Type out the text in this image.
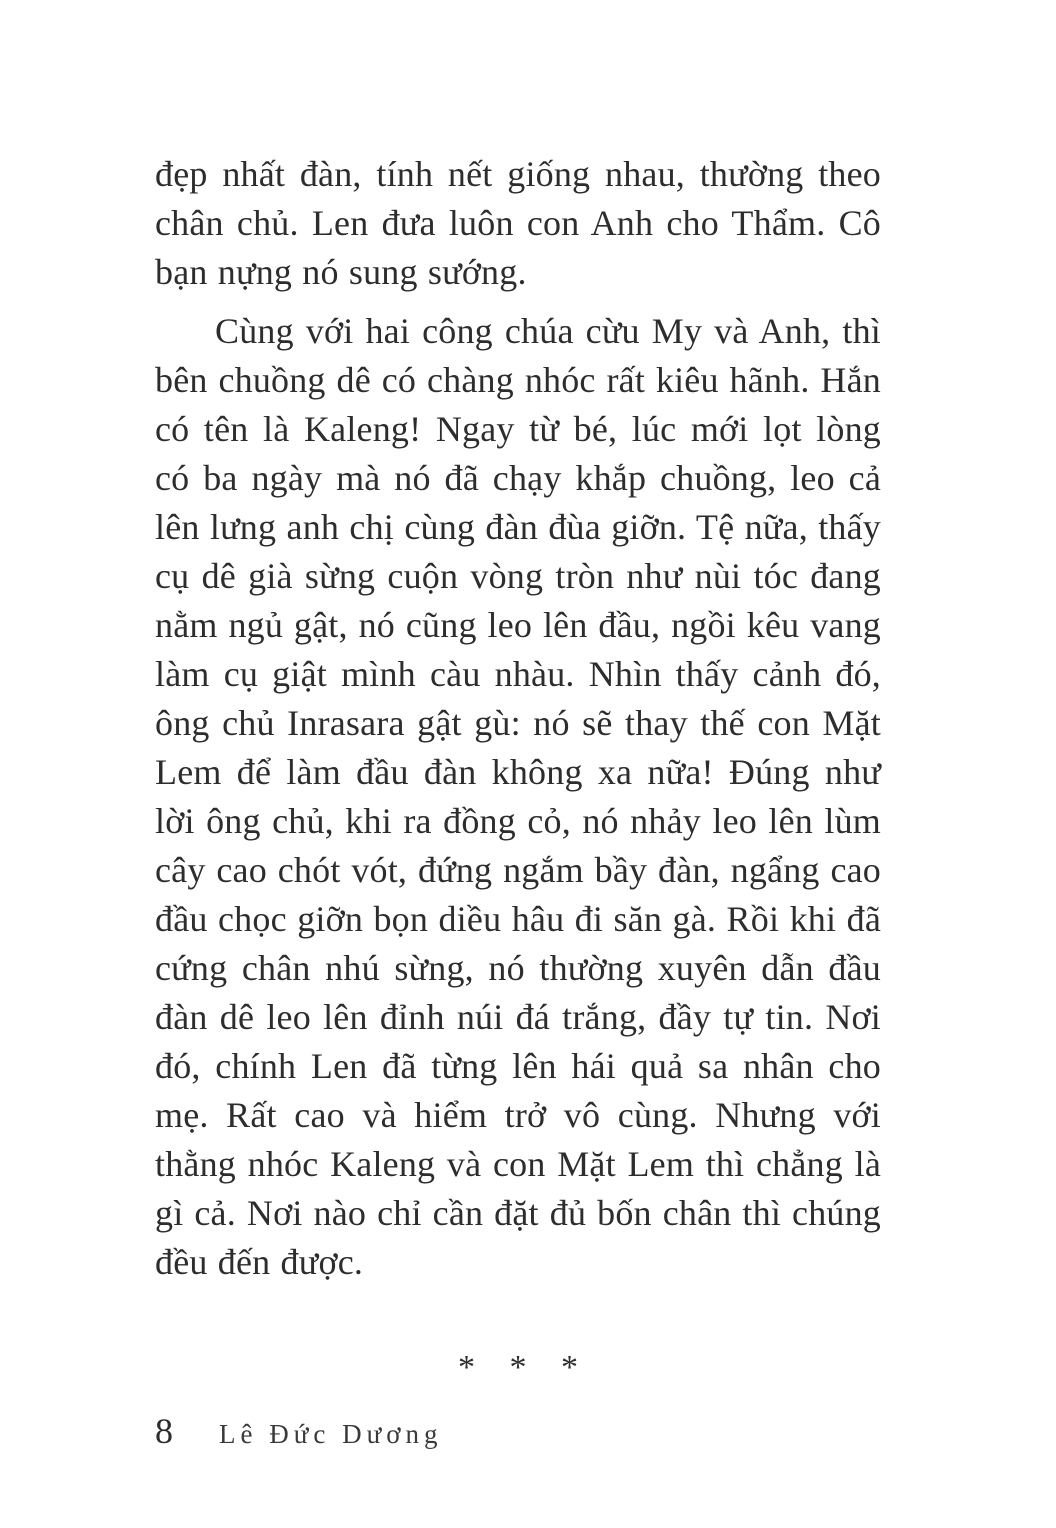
đẹp nhất đàn, tính nết giống nhau, thường theo chân chủ. Len đưa luôn con Anh cho Thẩm. Cô bạn nựng nó sung sướng.

Cùng với hai công chúa cừu My và Anh, thì bên chuồng dê có chàng nhóc rất kiêu hãnh. Hắn có tên là Kaleng! Ngay từ bé, lúc mới lọt lòng có ba ngày mà nó đã chạy khắp chuồng, leo cả lên lưng anh chị cùng đàn đùa giỡn. Tệ nữa, thấy cụ dê già sừng cuộn vòng tròn như nùi tóc đang nằm ngủ gật, nó cũng leo lên đầu, ngồi kêu vang làm cụ giật mình càu nhàu. Nhìn thấy cảnh đó, ông chủ Inrasara gật gù: nó sẽ thay thế con Mặt Lem để làm đầu đàn không xa nữa! Đúng như lời ông chủ, khi ra đồng cỏ, nó nhảy leo lên lùm cây cao chót vót, đứng ngắm bầy đàn, ngẩng cao đầu chọc giỡn bọn diều hâu đi săn gà. Rồi khi đã cứng chân nhú sừng, nó thường xuyên dẫn đầu đàn dê leo lên đỉnh núi đá trắng, đầy tự tin. Nơi đó, chính Len đã từng lên hái quả sa nhân cho mẹ. Rất cao và hiểm trở vô cùng. Nhưng với thằng nhóc Kaleng và con Mặt Lem thì chẳng là gì cả. Nơi nào chỉ cần đặt đủ bốn chân thì chúng đều đến được.

* * *
8 Lê Đức Dương
